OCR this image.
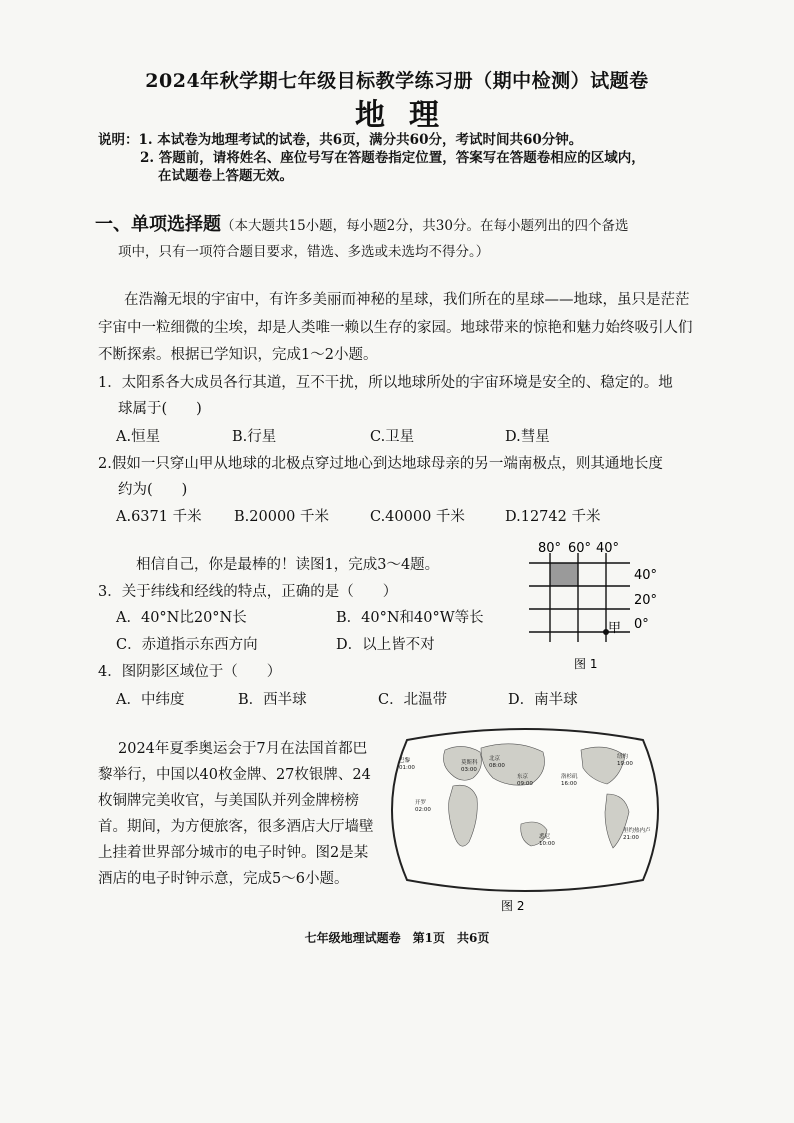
2024年秋学期七年级目标教学练习册（期中检测）试题卷
地理
说明：1. 本试卷为地理考试的试卷，共6页，满分共60分，考试时间共60分钟。
2. 答题前，请将姓名、座位号写在答题卷指定位置，答案写在答题卷相应的区域内，
在试题卷上答题无效。
一、单项选择题（本大题共15小题，每小题2分，共30分。在每小题列出的四个备选
项中，只有一项符合题目要求，错选、多选或未选均不得分。）
在浩瀚无垠的宇宙中，有许多美丽而神秘的星球，我们所在的星球——地球，虽只是茫茫
宇宙中一粒细微的尘埃，却是人类唯一赖以生存的家园。地球带来的惊艳和魅力始终吸引人们
不断探索。根据已学知识，完成1～2小题。
1．太阳系各大成员各行其道，互不干扰，所以地球所处的宇宙环境是安全的、稳定的。地
球属于(　　)
A.恒星	B.行星	C.卫星	D.彗星
2.假如一只穿山甲从地球的北极点穿过地心到达地球母亲的另一端南极点，则其通地长度
约为(　　)
A.6371 千米 B.20000 千米	C.40000 千米	D.12742 千米
相信自己，你是最棒的！读图1，完成3～4题。
3．关于纬线和经线的特点，正确的是（　　）
A．40°N比20°N长	B．40°N和40°W等长
C．赤道指示东西方向	D．以上皆不对
4．图阴影区域位于（　　）
A．中纬度	B．西半球	C．北温带	D．南半球
80° 60° 40°
40°
20°
0°
甲
图 1
2024年夏季奥运会于7月在法国首都巴
黎举行，中国以40枚金牌、27枚银牌、24
枚铜牌完美收官，与美国队并列金牌榜榜
首。期间，为方便旅客，很多酒店大厅墙壁
上挂着世界部分城市的电子时钟。图2是某
酒店的电子时钟示意，完成5～6小题。
巴黎
01:00
莫斯科
03:00
北京
08:00
东京
09:00
洛杉矶
16:00
纽约
19:00
开罗
02:00
悉尼
10:00
里约热内卢
21:00
图 2
七年级地理试题卷　第1页　共6页
